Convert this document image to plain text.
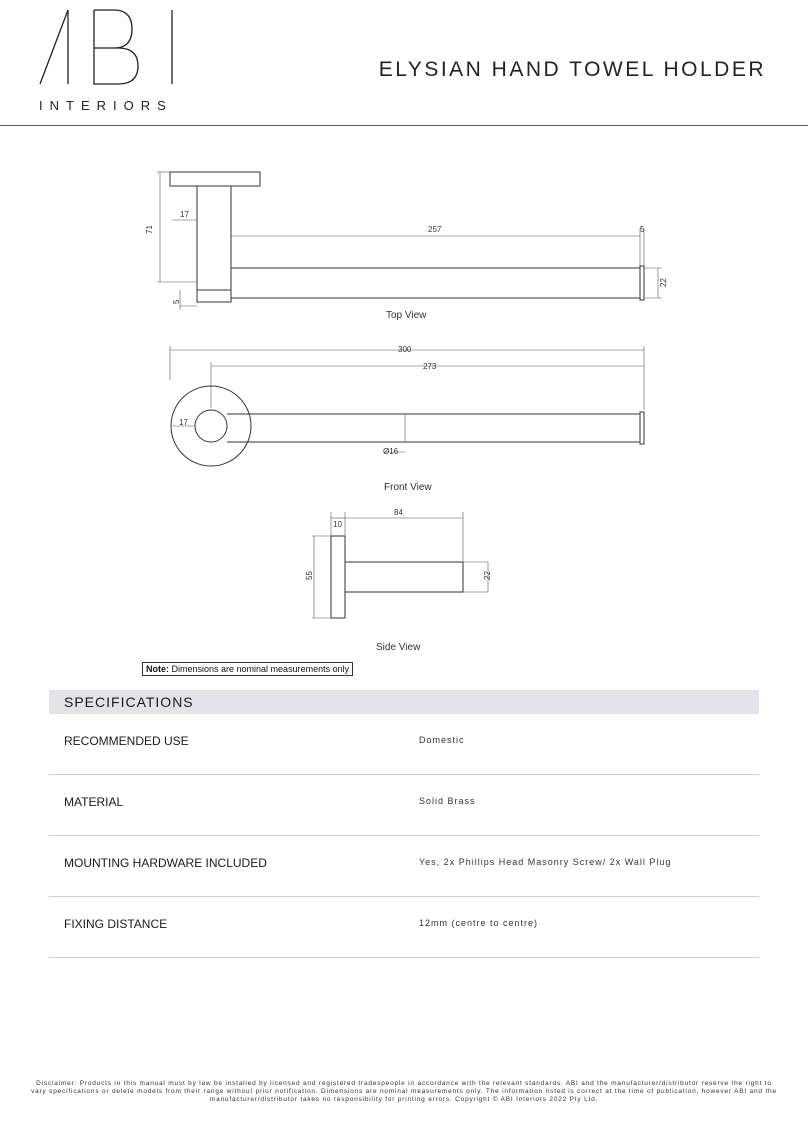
INTERIORS
ELYSIAN HAND TOWEL HOLDER
71
17
257	5
22
5
300
273
17
Ø16
10
84
55	22
Top View
Front View
Side View
Note: Dimensions are nominal measurements only
SPECIFICATIONS
RECOMMENDED USE	Domestic
MATERIAL	Solid Brass
MOUNTING HARDWARE INCLUDED	Yes, 2x Phillips Head Masonry Screw/ 2x Wall Plug
FIXING DISTANCE	12mm (centre to centre)
Disclaimer: Products in this manual must by law be installed by licensed and registered tradespeople in accordance with the relevant standards. ABI and the manufacturer/distributor reserve the right to vary specifications or delete models from their range without prior notification. Dimensions are nominal measurements only. The information listed is correct at the time of publication, however ABI and the manufacturer/distributor takes no responsibility for printing errors. Copyright © ABI Interiors 2022 Pty Ltd.
